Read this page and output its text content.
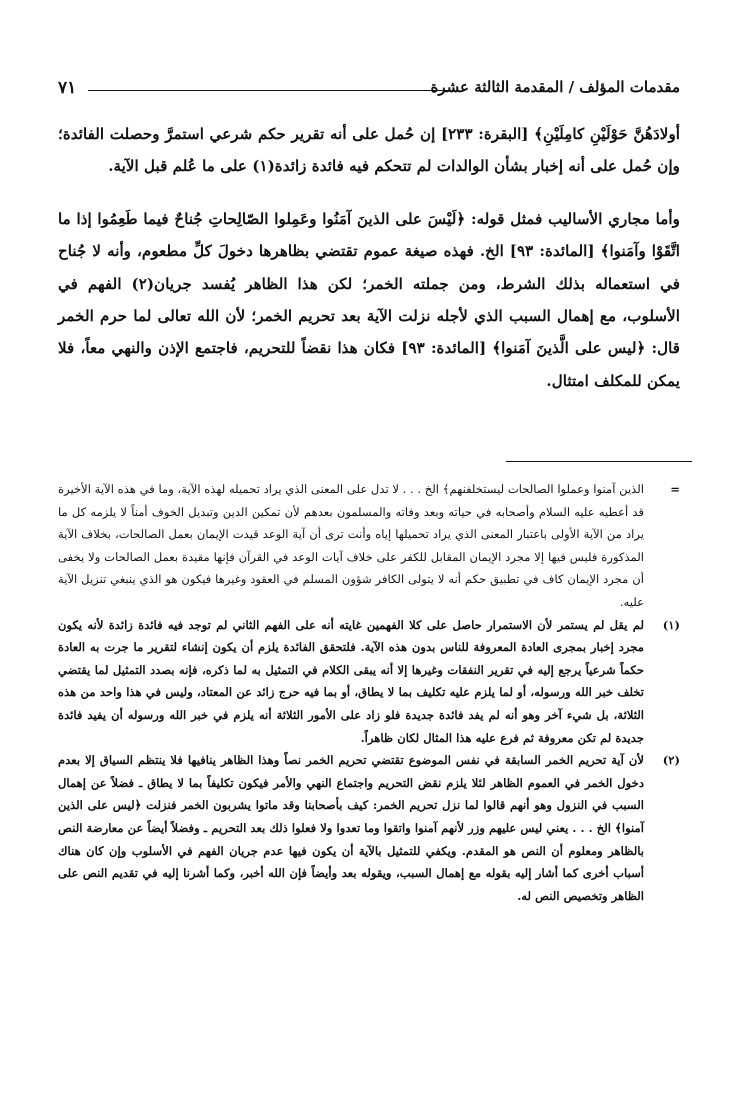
مقدمات المؤلف / المقدمة الثالثة عشرة
٧١

أولادَهُنَّ حَوْلَيْنِ كامِلَيْنِ﴾ [البقرة: ٢٣٣] إن حُمل على أنه تقرير حكم شرعي استمرَّ وحصلت الفائدة؛ وإن حُمل على أنه إخبار بشأن الوالدات لم تتحكم فيه فائدة زائدة(١) على ما عُلم قبل الآية.

وأما مجاري الأساليب فمثل قوله: ﴿لَيْسَ على الذينَ آمَنُوا وعَمِلوا الصّالِحاتِ جُناحٌ فيما طَعِمُوا إذا ما اتَّقَوْا وآمَنوا﴾ [المائدة: ٩٣] الخ. فهذه صيغة عموم تقتضي بظاهرها دخولَ كلِّ مطعوم، وأنه لا جُناح في استعماله بذلك الشرط، ومن جملته الخمر؛ لكن هذا الظاهر يُفسد جريان(٢) الفهم في الأسلوب، مع إهمال السبب الذي لأجله نزلت الآية بعد تحريم الخمر؛ لأن الله تعالى لما حرم الخمر قال: ﴿ليس على الَّذينَ آمَنوا﴾ [المائدة: ٩٣] فكان هذا نقضاً للتحريم، فاجتمع الإذن والنهي معاً، فلا يمكن للمكلف امتثال.

=
الذين آمنوا وعملوا الصالحات ليستخلفنهم﴾ الخ . . . لا تدل على المعنى الذي يراد تحميله لهذه الآية، وما في هذه الآية الأخيرة قد أعطيه عليه السلام وأصحابه في حياته وبعد وفاته والمسلمون بعدهم لأن تمكين الدين وتبديل الخوف أمناً لا يلزمه كل ما يراد من الآية الأولى باعتبار المعنى الذي يراد تحميلها إياه وأنت ترى أن آية الوعد قيدت الإيمان بعمل الصالحات، بخلاف الآية المذكورة فليس فيها إلا مجرد الإيمان المقابل للكفر على خلاف آيات الوعد في القرآن فإنها مقيدة بعمل الصالحات ولا يخفى أن مجرد الإيمان كاف في تطبيق حكم أنه لا يتولى الكافر شؤون المسلم في العقود وغيرها فيكون هو الذي ينبغي تنزيل الآية عليه.
(١)
لم يقل لم يستمر لأن الاستمرار حاصل على كلا الفهمين غايته أنه على الفهم الثاني لم توجد فيه فائدة زائدة لأنه يكون مجرد إخبار بمجرى العادة المعروفة للناس بدون هذه الآية. فلتحقق الفائدة يلزم أن يكون إنشاء لتقرير ما جرت به العادة حكماً شرعياً يرجع إليه في تقرير النفقات وغيرها إلا أنه يبقى الكلام في التمثيل به لما ذكره، فإنه بصدد التمثيل لما يقتضي تخلف خبر الله ورسوله، أو لما يلزم عليه تكليف بما لا يطاق، أو بما فيه حرج زائد عن المعتاد، وليس في هذا واحد من هذه الثلاثة، بل شيء آخر وهو أنه لم يفد فائدة جديدة فلو زاد على الأمور الثلاثة أنه يلزم في خبر الله ورسوله أن يفيد فائدة جديدة لم تكن معروفة ثم فرع عليه هذا المثال لكان ظاهراً.
(٢)
لأن آية تحريم الخمر السابقة في نفس الموضوع تقتضي تحريم الخمر نصاً وهذا الظاهر ينافيها فلا ينتظم السياق إلا بعدم دخول الخمر في العموم الظاهر لئلا يلزم نقض التحريم واجتماع النهي والأمر فيكون تكليفاً بما لا يطاق ـ فضلاً عن إهمال السبب في النزول وهو أنهم قالوا لما نزل تحريم الخمر: كيف بأصحابنا وقد ماتوا يشربون الخمر فنزلت ﴿ليس على الذين آمنوا﴾ الخ . . . يعني ليس عليهم وزر لأنهم آمنوا واتقوا وما تعدوا ولا فعلوا ذلك بعد التحريم ـ وفضلاً أيضاً عن معارضة النص بالظاهر ومعلوم أن النص هو المقدم. ويكفي للتمثيل بالآية أن يكون فيها عدم جريان الفهم في الأسلوب وإن كان هناك أسباب أخرى كما أشار إليه بقوله مع إهمال السبب، ويقوله بعد وأيضاً فإن الله أخبر، وكما أشرنا إليه في تقديم النص على الظاهر وتخصيص النص له.
